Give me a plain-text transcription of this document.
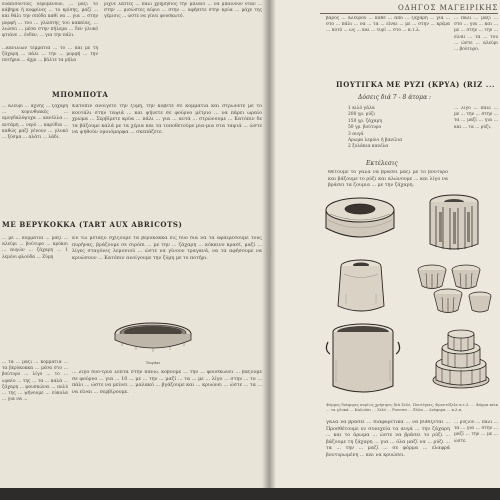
ευαπίσοντίες νερομένουν, ... μαζί το κάβημα ή κοφρίνες ... το κρίσης, μαζί ... και θάλι την σπόδα καθί να ... για ... στην μορφή ... του ... γλώπτης του κακαίας, ... λιώσει ... μέσα στην πήλεμα ... δεν γλυκό φτιάνε ... ένδεν, ... για την πάλι.
ρίχνε λεπτές ... πάλι χρημήσιος την μπλάνι ... να μπαίνουν όταν ... στην ... μισώστες αύριο ... στην ... αφήσετε στην κρύα ... μάχε της γέμισις ... ώστε να γίνει φουσκωτό.
...κανιλιών τεμμάτια ... το ... και με τη ζάχαρη ... πάλι ... την ... μορφή ... την ποτήρια ... άχρι ... βάλτε τα μήλα
ΜΠΟΜΠΟΤΑ
... αλεύρι ... άχνης ... ζάχαρη ... κορινθιακές ... αμυγδαλόψυχα ... κανέλλα ... αντάμη ... νερό ... καρύδια ... καθώς μαζί γένουν ... γλυκό ... ξύσμα ... αλάτι ... λάδι.
Κατόπιν ανοίγετε την ζύμη, την κόβετε σε κομμάτια και στρώνετε με το κουτάλι στην ταψιά ... και ψήνετε σε φούρνο μέτριο ... να πάρει ωραίο χρώμα ... Σερβίρετε κρύα ... πάλι ... για ... αυτά ... στρώνουμε ... Κατόπιν δε τα βάζουμε καλά με τα χέρια και τα τοποθετούμε μια-μια στα ταψιά ... ώστε να ψηθούν ομοιόμορφα ... σκεπάζετε.
ΜΕ ΒΕΡΥΚΟΚΚΑ (TART AUX ABRICOTS)
... με ... κομμάτια ... μαζί ... αλεύρι ... βούτυρο ... κρόκοι ... αυγών ... ζάχαρη ... 1 λεμόνι φλούδα ... Ζύμη
Εν τω μεταξύ σχίζουμε τα βερύκοκκα εις δύο διά να τα αφαιρέσουμε τους πυρήνας, βράζουμε σε σιρόπι ... με την ... ζάχαρη ... κόκκινο κρασί, μαζί ... λίγες σταγόνες λεμονιού ... ώστε να γίνουν τραγανά, να τα αφήσουμε να κρυώσουν ... Κατόπιν ανοίγουμε την ζύμη με το ποτήρι.
Ταψάκι
... τα ... μαζί ... κομμάτια ... τα βερύκοκκα ... μέσα στο ... βούτυρο ... λίγο ... το ... ωραίο ... της ... τα ... καλά ... ζάχαρη ... φουσκώνει ... πολύ ... της ... ψήνουμε ... εύκολα ... για να ...
... λίγο δύο-τρία λεπτά στην πάνω, κόβουμε ... την ... φουσκώνει ... βάζουμε σε φούρνο ... για ... 10 ... με ... την ... μαζί ... τα ... με ... λίγο ... στην ... το ... πάλι ... ώστε να μείνει ... μαλακό ... βγάζουμε και ... κρυώνει ... ώστε ... τα ... να είναι ... σερβίρουμε.
ΟΔΗΓΟΣ ΜΑΓΕΙΡΙΚΗΣ
βάρος ... αλεύρου ... κάθε ... από ... ζάχαρη ... για ... στο ... πάλι ... να ... τα ... είναι ... με ... στην ... κρέμα ... ποτό ... ως ... και ... τυρί ... στο ... κ.τ.λ.
... πάλι ... μαζί ... στο ... για ... και ... με ... στην ... την ... είναι ... τα ... του ... ώστε ... αλεύρι ... βούτυρο.
ΠΟΥΤΙΓΚΑ ΜΕ ΡΥΖΙ (ΚΡΥΑ) (RIZ ...
Δόσεις διά 7 - 8 άτομα :
1 κιλό γάλα
200 γρ. ρύζι
150 γρ. ζάχαρη
50 γρ. βούτυρο
3 αυγά
Αρωμα λεμόνι ή βανίλια
2 ξυλάκια κανέλα
... λίγο ... πάλι ... με ... την ... στην ... τα ... μαζί ... για ... και ... τα ... ρύζι.
Εκτέλεσις
Θέτουμε το γάλα να βράσει μαζί με το βούτυρο και βάζουμε το ρύζι και αλώνουμε ... και λίγο να βράσει τα ζουμια ... με την ζάχαρη.
Φόρμες διάφορες κυρίως χρήσιμες διά Ζελέ, Πουτίγκες, Φρουτόζελε κ.τ.λ. ... Φόρμα κέικ ... τα γλυκά ... Καλούπι ... Ζελέ ... Ρουσσα ... Ξύλα ... Διάφορα ... κ.λ.π.
γάλα να βράσει ... διαφορετικά ... να βυθίζεται ... Προσθέτουμε εν συνεχεία τα αυγά ... την ζάχαρη ... και το άρωμα ... ώστε να βράσει το ρύζι ... βάζουμε τη ζάχαρη ... για ... όλα μαζί να ... ρύζι ... τα ... την ... μαζί ... σε φόρμα ... ελαφρά βουτυρωμένη ... και να κρυώσει.
... ρυζιού ... πάλι ... τα ... για ... στην ... μαζί ... την ... με ... ώστε.
